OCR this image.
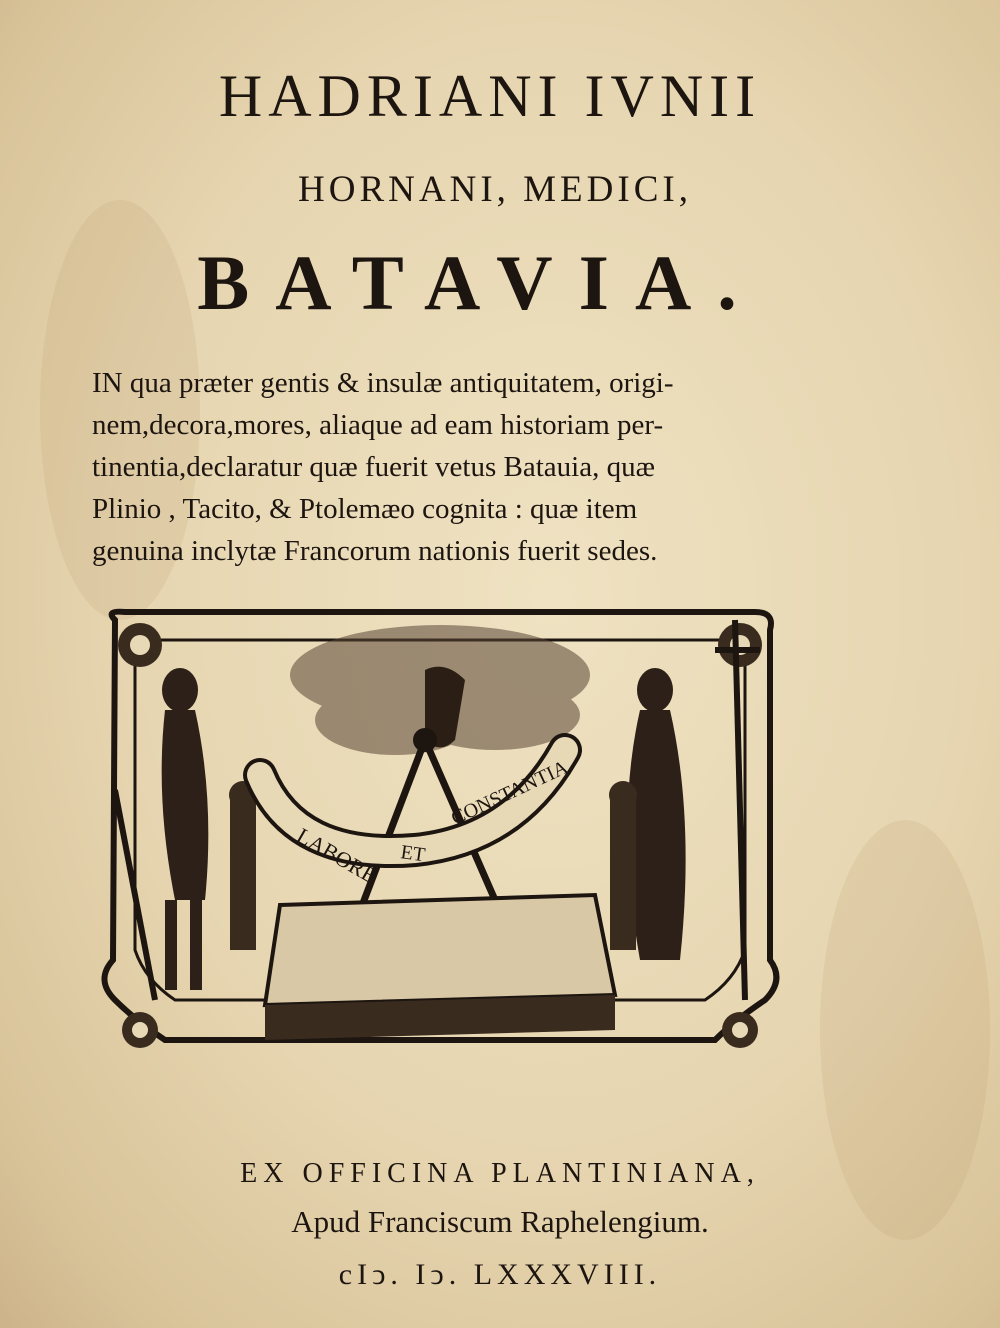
HADRIANI IVNII
HORNANI, MEDICI,
BATAVIA.
IN qua præter gentis & insulæ antiquitatem, origi-
nem,decora,mores, aliaque ad eam historiam per-
tinentia,declaratur quæ fuerit vetus Batauia, quæ
Plinio , Tacito, & Ptolemæo cognita : quæ item
genuina inclytæ Francorum nationis fuerit sedes.
LABORE ET
CONSTANTIA
EX OFFICINA PLANTINIANA,
Apud Franciscum Raphelengium.
cIↄ. Iↄ. LXXXVIII.
